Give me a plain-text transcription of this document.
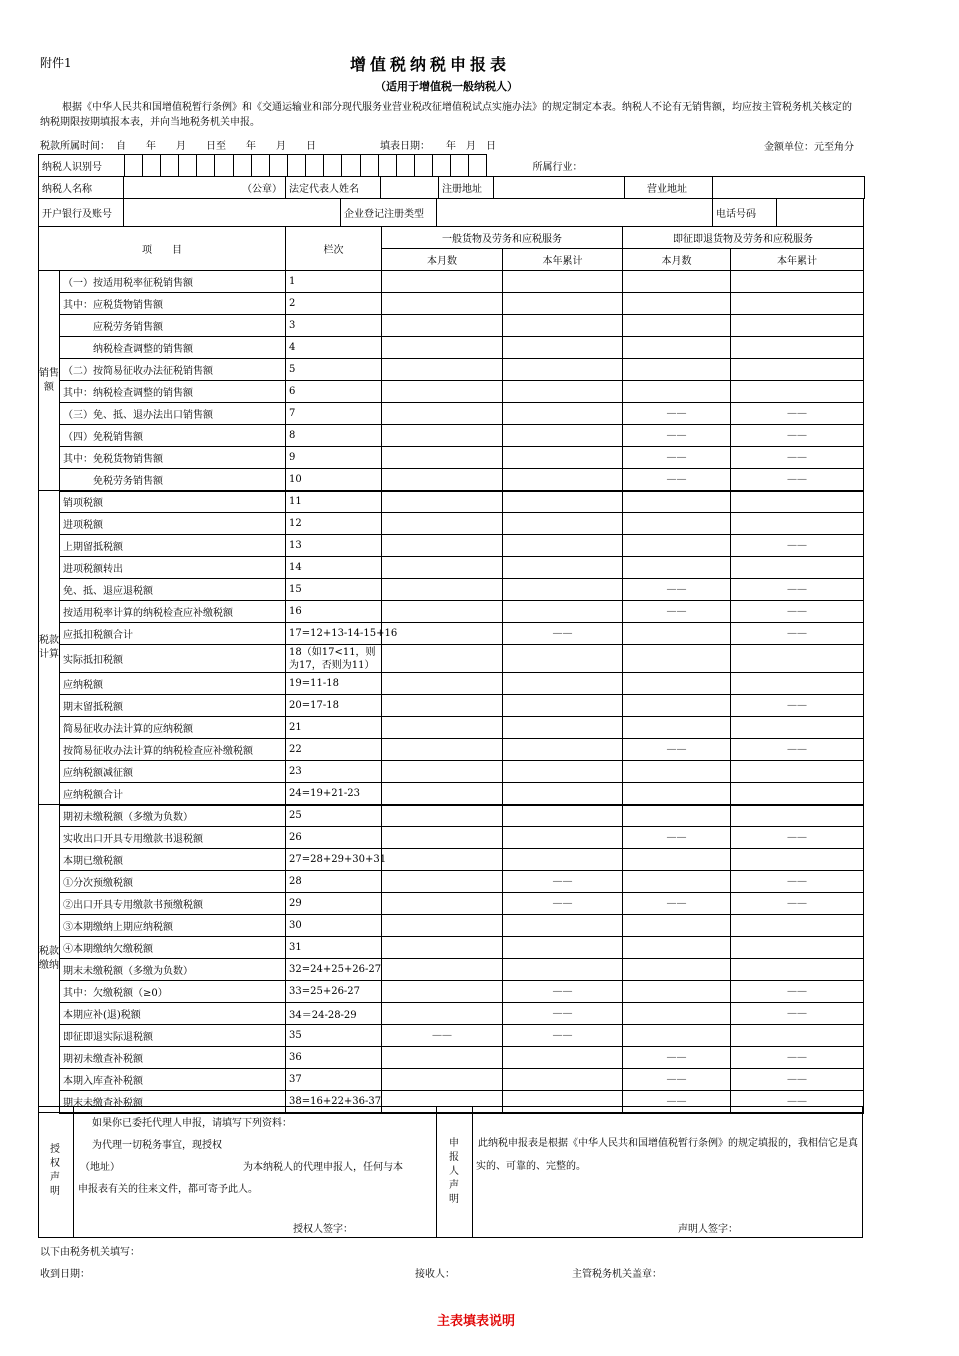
附件1	增值税纳税申报表
（适用于增值税一般纳税人）
根据《中华人民共和国增值税暂行条例》和《交通运输业和部分现代服务业营业税改征增值税试点实施办法》的规定制定本表。纳税人不论有无销售额，均应按主管税务机关核定的纳税期限按期填报本表，并向当地税务机关申报。
税款所属时间： 自　　年　　月　　日至　　年　　月　　日	填表日期： 年　月　日	金额单位：元至角分
纳税人识别号																					所属行业：
纳税人名称	（公章）	法定代表人姓名		注册地址		营业地址	
开户银行及账号		企业登记注册类型		电话号码	
项　　目		栏次	一般货物及劳务和应税服务		即征即退货物及劳务和应税服务	
			本月数	本年累计	本月数	本年累计
销售额	（一）按适用税率征税销售额	1				
	其中：应税货物销售额	2				
	　　　应税劳务销售额	3				
	　　　纳税检查调整的销售额	4				
	（二）按简易征收办法征税销售额	5				
	其中：纳税检查调整的销售额	6				
	（三）免、抵、退办法出口销售额	7			——	——
	（四）免税销售额	8			——	——
	其中：免税货物销售额	9			——	——
	　　　免税劳务销售额	10			——	——
税款计算	销项税额	11				
	进项税额	12				
	上期留抵税额	13				——
	进项税额转出	14				
	免、抵、退应退税额	15			——	——
	按适用税率计算的纳税检查应补缴税额	16			——	——
	应抵扣税额合计	17=12+13-14-15+16		——		——
	实际抵扣税额	18（如17<11，则为17，否则为11）				
	应纳税额	19=11-18				
	期末留抵税额	20=17-18				——
	简易征收办法计算的应纳税额	21				
	按简易征收办法计算的纳税检查应补缴税额	22			——	——
	应纳税额减征额	23				
	应纳税额合计	24=19+21-23				
税款缴纳	期初未缴税额（多缴为负数）	25				
	实收出口开具专用缴款书退税额	26			——	——
	本期已缴税额	27=28+29+30+31				
	①分次预缴税额	28		——		——
	②出口开具专用缴款书预缴税额	29		——	——	——
	③本期缴纳上期应纳税额	30				
	④本期缴纳欠缴税额	31				
	期末未缴税额（多缴为负数）	32=24+25+26-27				
	其中：欠缴税额（≥0）	33=25+26-27		——		——
	本期应补(退)税额	34＝24-28-29		——		——
	即征即退实际退税额	35	——	——		
	期初未缴查补税额	36			——	——
	本期入库查补税额	37			——	——
	期末未缴查补税额	38=16+22+36-37			——	——
授权声明
如果你已委托代理人申报，请填写下列资料：
为代理一切税务事宜，现授权
（地址）	为本纳税人的代理申报人，任何与本
申报表有关的往来文件，都可寄予此人。
授权人签字：
申报人声明
此纳税申报表是根据《中华人民共和国增值税暂行条例》的规定填报的，我相信它是真实的、可靠的、完整的。
声明人签字：
以下由税务机关填写：
收到日期：	接收人：	主管税务机关盖章：
主表填表说明
